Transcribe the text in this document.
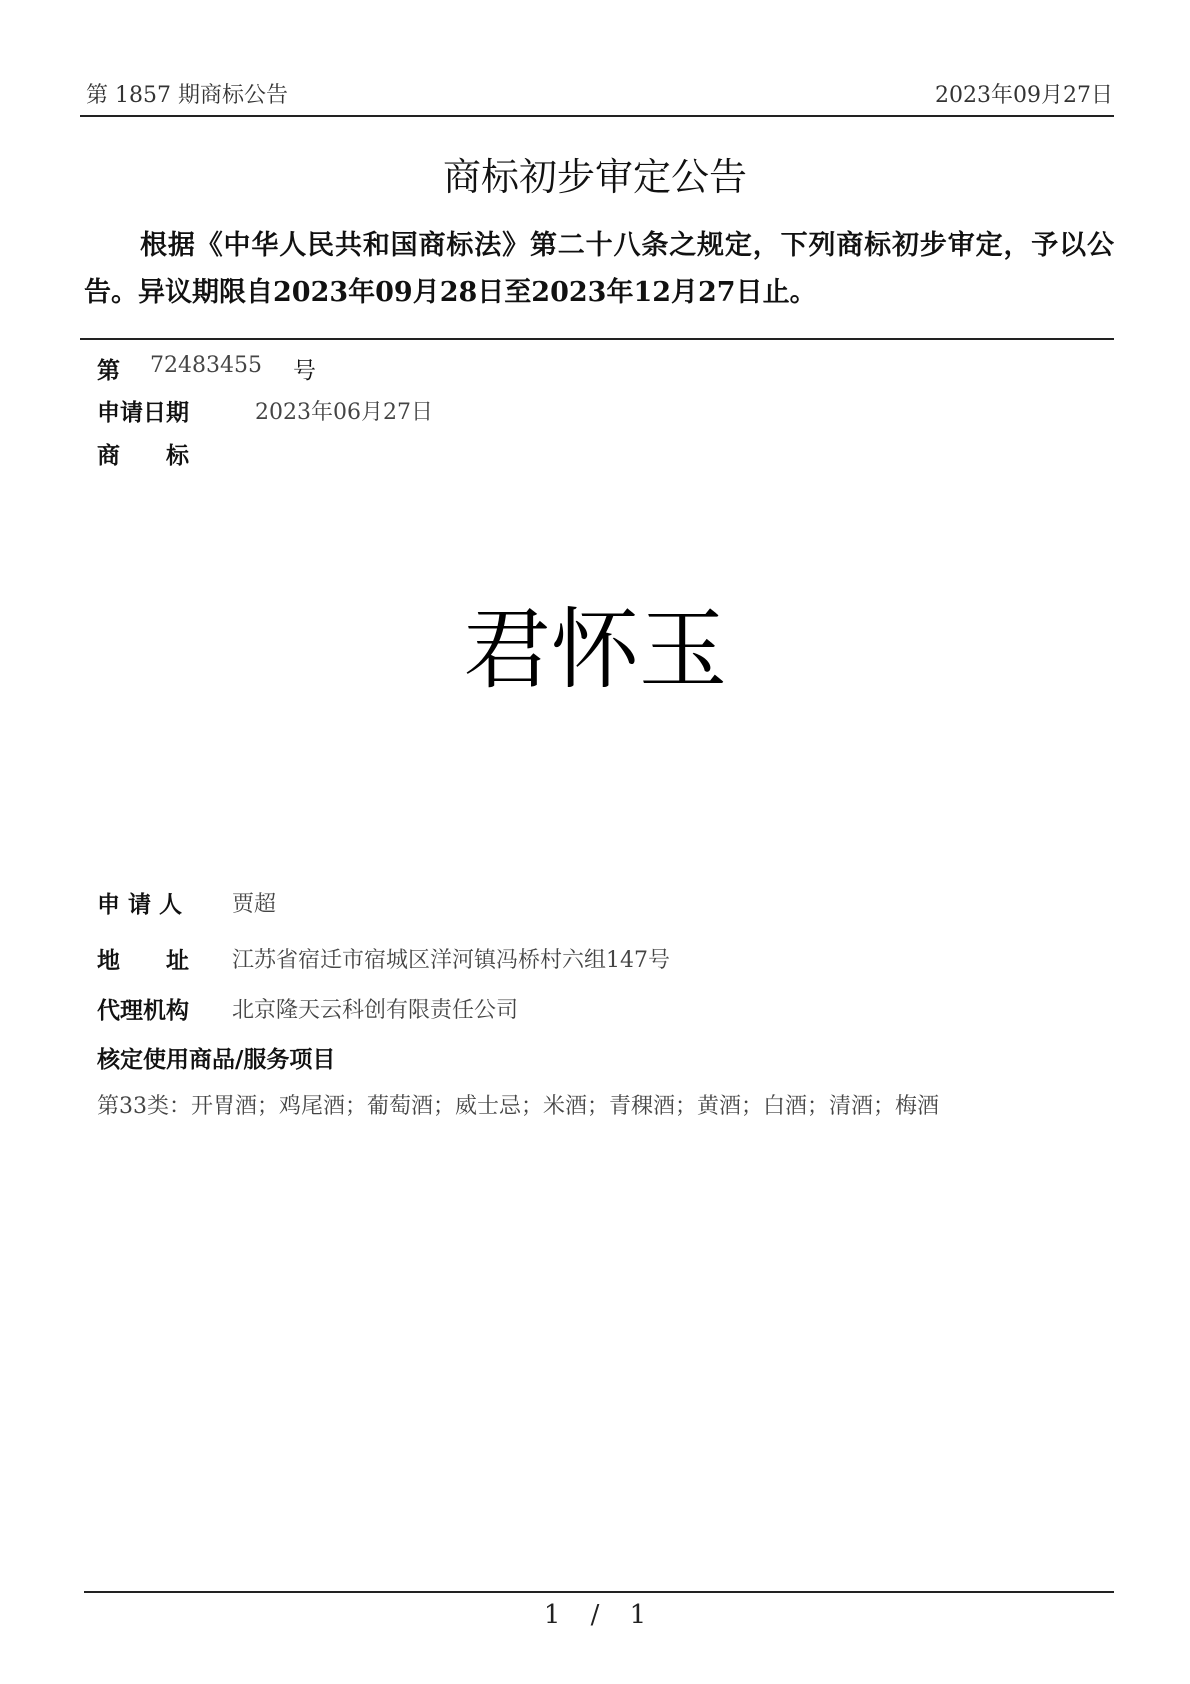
第 1857 期商标公告	2023年09月27日
商标初步审定公告
根据《中华人民共和国商标法》第二十八条之规定，下列商标初步审定，予以公告。异议期限自2023年09月28日至2023年12月27日止。
第 72483455 号
申请日期	2023年06月27日
商　　标
君怀玉
申 请 人 贾超
地　　址 江苏省宿迁市宿城区洋河镇冯桥村六组147号
代理机构 北京隆天云科创有限责任公司
核定使用商品/服务项目
第33类：开胃酒；鸡尾酒；葡萄酒；威士忌；米酒；青稞酒；黄酒；白酒；清酒；梅酒
1 / 1
